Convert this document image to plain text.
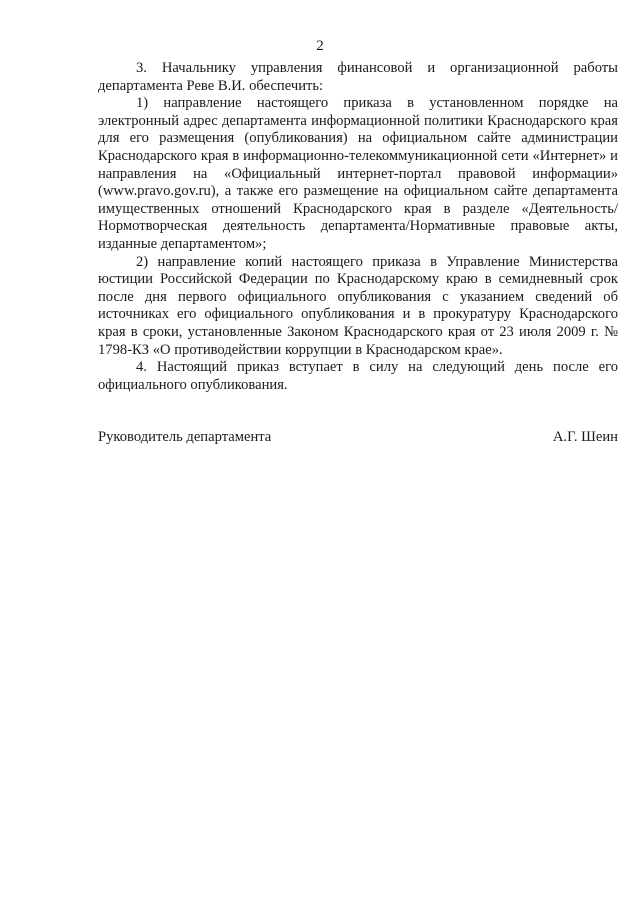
2

3. Начальнику управления финансовой и организационной работы департамента Реве В.И. обеспечить:

1) направление настоящего приказа в установленном порядке на электронный адрес департамента информационной политики Краснодарского края для его размещения (опубликования) на официальном сайте администрации Краснодарского края в информационно-телекоммуникационной сети «Интернет» и направления на «Официальный интернет-портал правовой информации» (www.pravo.gov.ru), а также его размещение на официальном сайте департамента имущественных отношений Краснодарского края в разделе «Деятельность/Нормотворческая деятельность департамента/Нормативные правовые акты, изданные департаментом»;

2) направление копий настоящего приказа в Управление Министерства юстиции Российской Федерации по Краснодарскому краю в семидневный срок после дня первого официального опубликования с указанием сведений об источниках его официального опубликования и в прокуратуру Краснодарского края в сроки, установленные Законом Краснодарского края от 23 июля 2009 г. № 1798-КЗ «О противодействии коррупции в Краснодарском крае».

4. Настоящий приказ вступает в силу на следующий день после его официального опубликования.

Руководитель департамента	А.Г. Шеин
